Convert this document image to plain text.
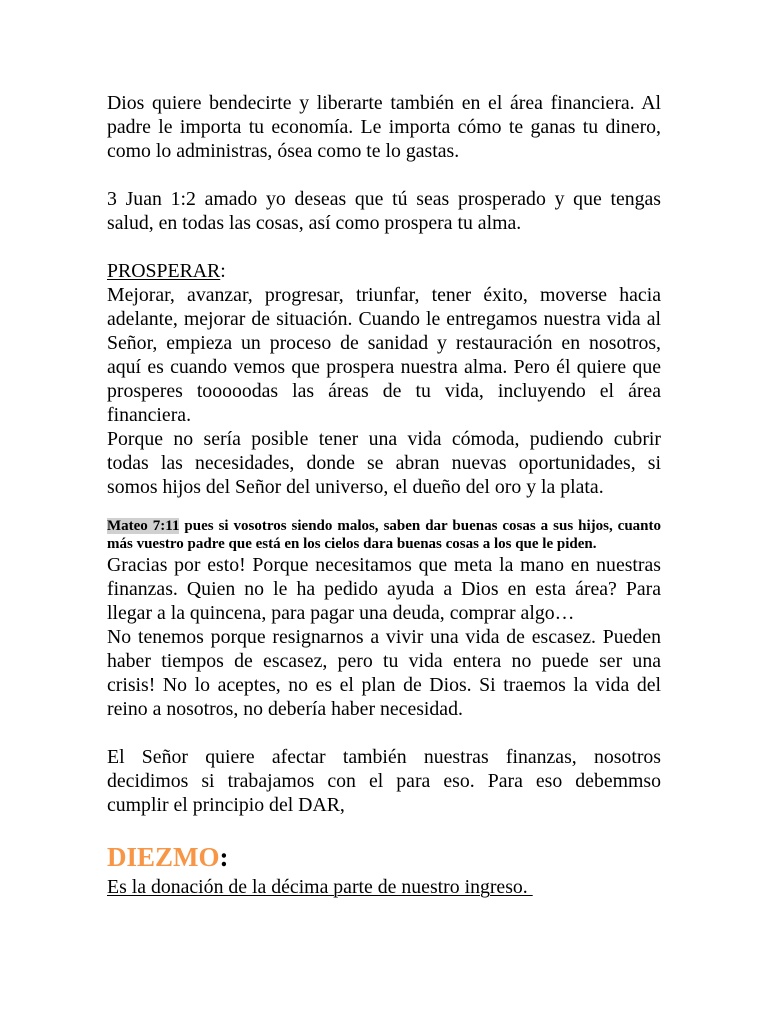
Dios quiere bendecirte y liberarte también en el área financiera. Al
padre le importa tu economía. Le importa cómo te ganas tu dinero,
como lo administras, ósea como te lo gastas.
3 Juan 1:2 amado yo deseas que tú seas prosperado y que tengas
salud, en todas las cosas, así como prospera tu alma.
PROSPERAR:
Mejorar, avanzar, progresar, triunfar, tener éxito, moverse hacia
adelante, mejorar de situación. Cuando le entregamos nuestra vida al
Señor, empieza un proceso de sanidad y restauración en nosotros,
aquí es cuando vemos que prospera nuestra alma. Pero él quiere que
prosperes tooooodas las áreas de tu vida, incluyendo el área
financiera.
Porque no sería posible tener una vida cómoda, pudiendo cubrir
todas las necesidades, donde se abran nuevas oportunidades, si
somos hijos del Señor del universo, el dueño del oro y la plata.
Mateo 7:11 pues si vosotros siendo malos, saben dar buenas cosas a sus hijos, cuanto
más vuestro padre que está en los cielos dara buenas cosas a los que le piden.
Gracias por esto! Porque necesitamos que meta la mano en nuestras
finanzas. Quien no le ha pedido ayuda a Dios en esta área? Para
llegar a la quincena, para pagar una deuda, comprar algo…
No tenemos porque resignarnos a vivir una vida de escasez. Pueden
haber tiempos de escasez, pero tu vida entera no puede ser una
crisis! No lo aceptes, no es el plan de Dios. Si traemos la vida del
reino a nosotros, no debería haber necesidad.
El Señor quiere afectar también nuestras finanzas, nosotros
decidimos si trabajamos con el para eso. Para eso debemmso
cumplir el principio del DAR,
DIEZMO:
Es la donación de la décima parte de nuestro ingreso.
